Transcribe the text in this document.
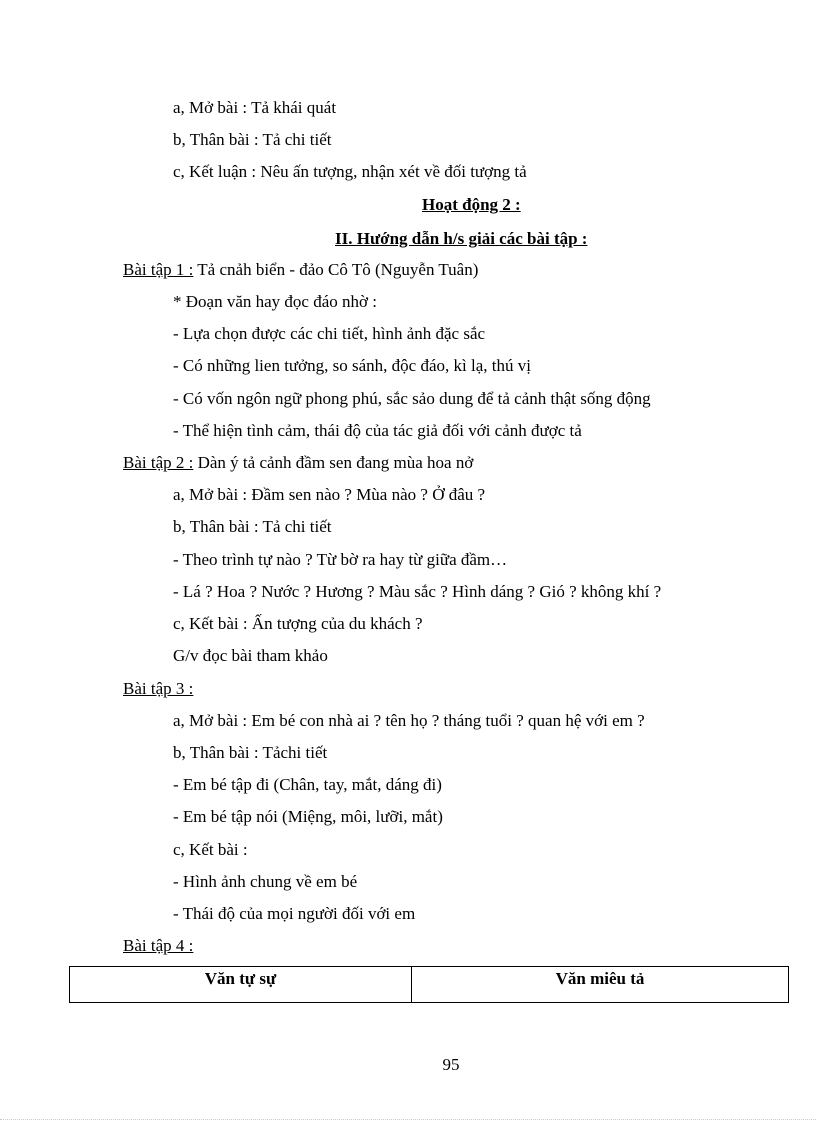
a, Mở bài : Tả khái quát
b, Thân bài : Tả chi tiết
c, Kết luận : Nêu ấn tượng, nhận xét về đối tượng tả
Hoạt động 2 :
II. Hướng dẫn h/s giải các bài tập :
Bài tập 1 : Tả cnảh biển - đảo Cô Tô (Nguyễn Tuân)
* Đoạn văn hay đọc đáo nhờ :
- Lựa chọn được các chi tiết, hình ảnh đặc sắc
- Có những lien tưởng, so sánh, độc đáo, kì lạ, thú vị
- Có vốn ngôn ngữ phong phú, sắc sảo dung để tả cảnh thật sống động
- Thể hiện tình cảm, thái độ của tác giả đối với cảnh được tả
Bài tập 2 : Dàn ý tả cảnh đầm sen đang mùa hoa nở
a, Mở bài : Đầm sen nào ? Mùa nào ? Ở đâu ?
b, Thân bài : Tả chi tiết
- Theo trình tự nào ? Từ bờ ra hay từ giữa đầm…
- Lá ? Hoa ? Nước ? Hương ? Màu sắc ? Hình dáng ? Gió ? không khí ?
c, Kết bài : Ấn tượng của du khách ?
G/v đọc bài tham khảo
Bài tập 3 :
a, Mở bài : Em bé con nhà ai ? tên họ ? tháng tuổi ? quan hệ với em ?
b, Thân bài : Tảchi tiết
- Em bé tập đi (Chân, tay, mắt, dáng đi)
- Em bé tập nói (Miệng, môi, lưỡi, mắt)
c, Kết bài :
- Hình ảnh chung về em bé
- Thái độ của mọi người đối với em
Bài tập 4 :
Văn tự sự	Văn miêu tả
95
